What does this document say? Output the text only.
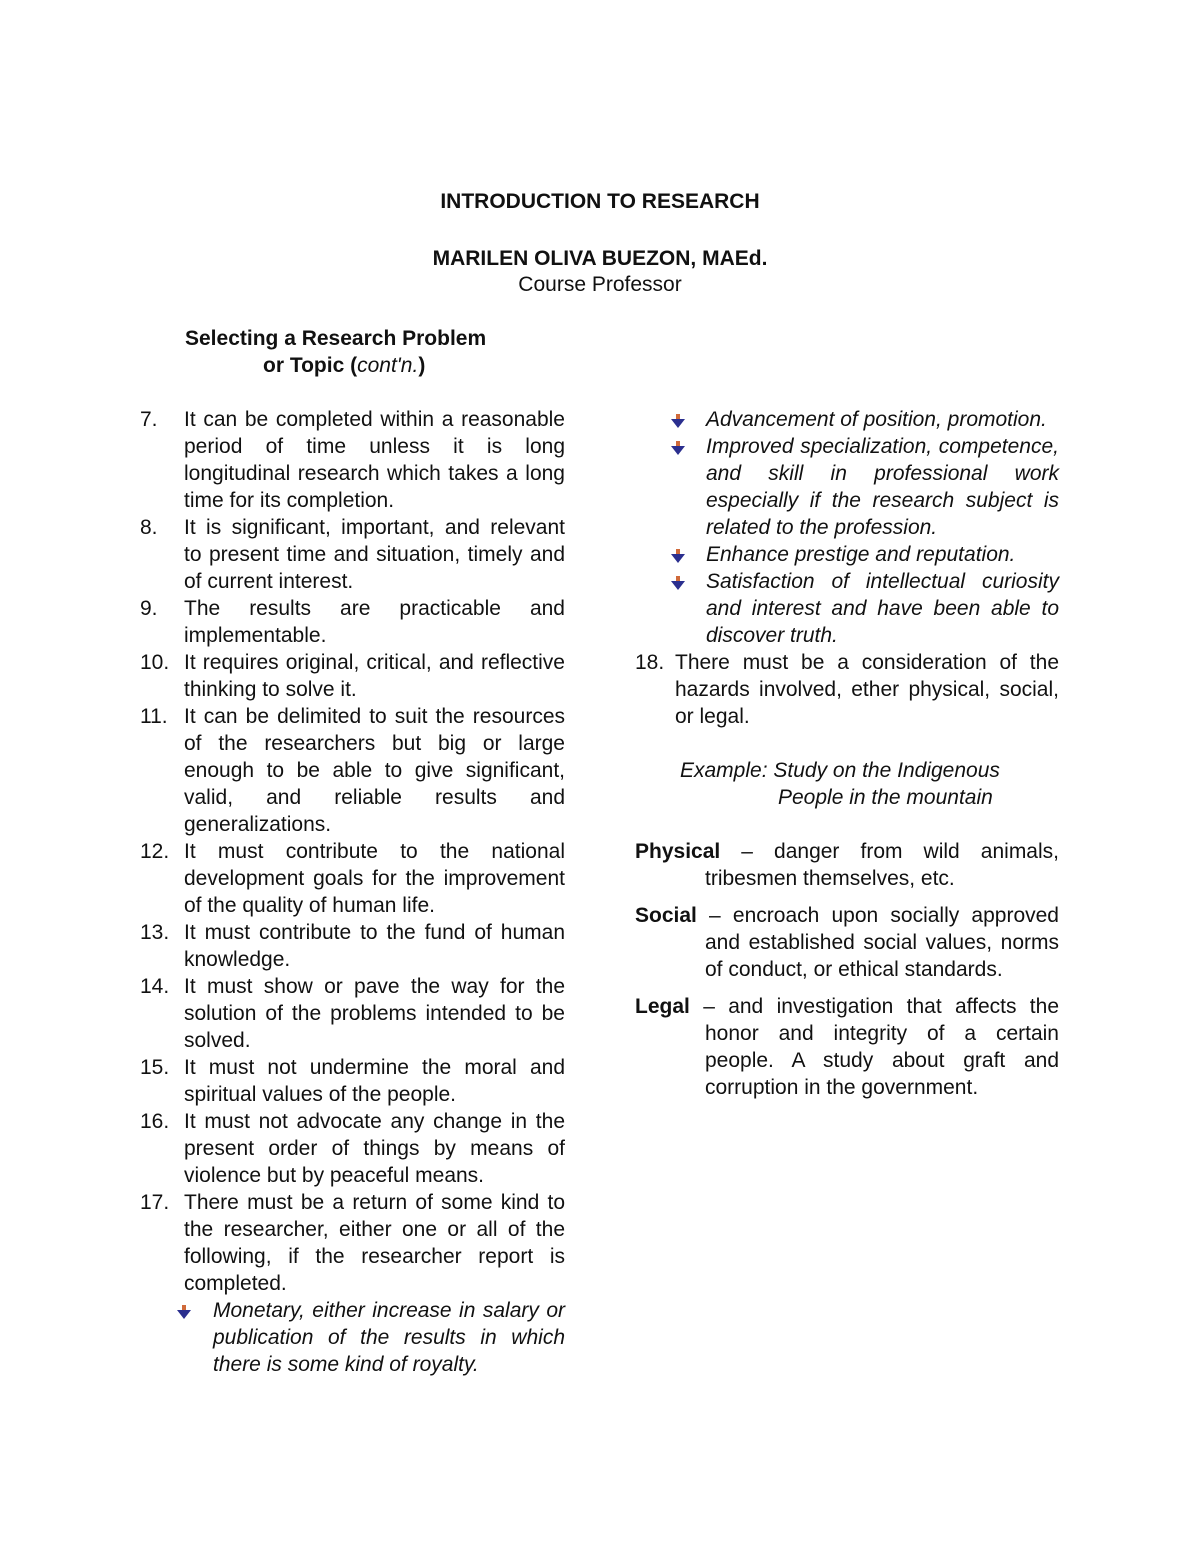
INTRODUCTION TO RESEARCH
MARILEN OLIVA BUEZON, MAEd.
Course Professor
Selecting a Research Problem
or Topic (cont'n.)
7. It can be completed within a reasonable period of time unless it is long longitudinal research which takes a long time for its completion.
8. It is significant, important, and relevant to present time and situation, timely and of current interest.
9. The results are practicable and implementable.
10. It requires original, critical, and reflective thinking to solve it.
11. It can be delimited to suit the resources of the researchers but big or large enough to be able to give significant, valid, and reliable results and generalizations.
12. It must contribute to the national development goals for the improvement of the quality of human life.
13. It must contribute to the fund of human knowledge.
14. It must show or pave the way for the solution of the problems intended to be solved.
15. It must not undermine the moral and spiritual values of the people.
16. It must not advocate any change in the present order of things by means of violence but by peaceful means.
17. There must be a return of some kind to the researcher, either one or all of the following, if the researcher report is completed.
Monetary, either increase in salary or publication of the results in which there is some kind of royalty.
Advancement of position, promotion.
Improved specialization, competence, and skill in professional work especially if the research subject is related to the profession.
Enhance prestige and reputation.
Satisfaction of intellectual curiosity and interest and have been able to discover truth.
18. There must be a consideration of the hazards involved, ether physical, social, or legal.
Example: Study on the Indigenous
People in the mountain
Physical – danger from wild animals, tribesmen themselves, etc.
Social – encroach upon socially approved and established social values, norms of conduct, or ethical standards.
Legal – and investigation that affects the honor and integrity of a certain people. A study about graft and corruption in the government.
